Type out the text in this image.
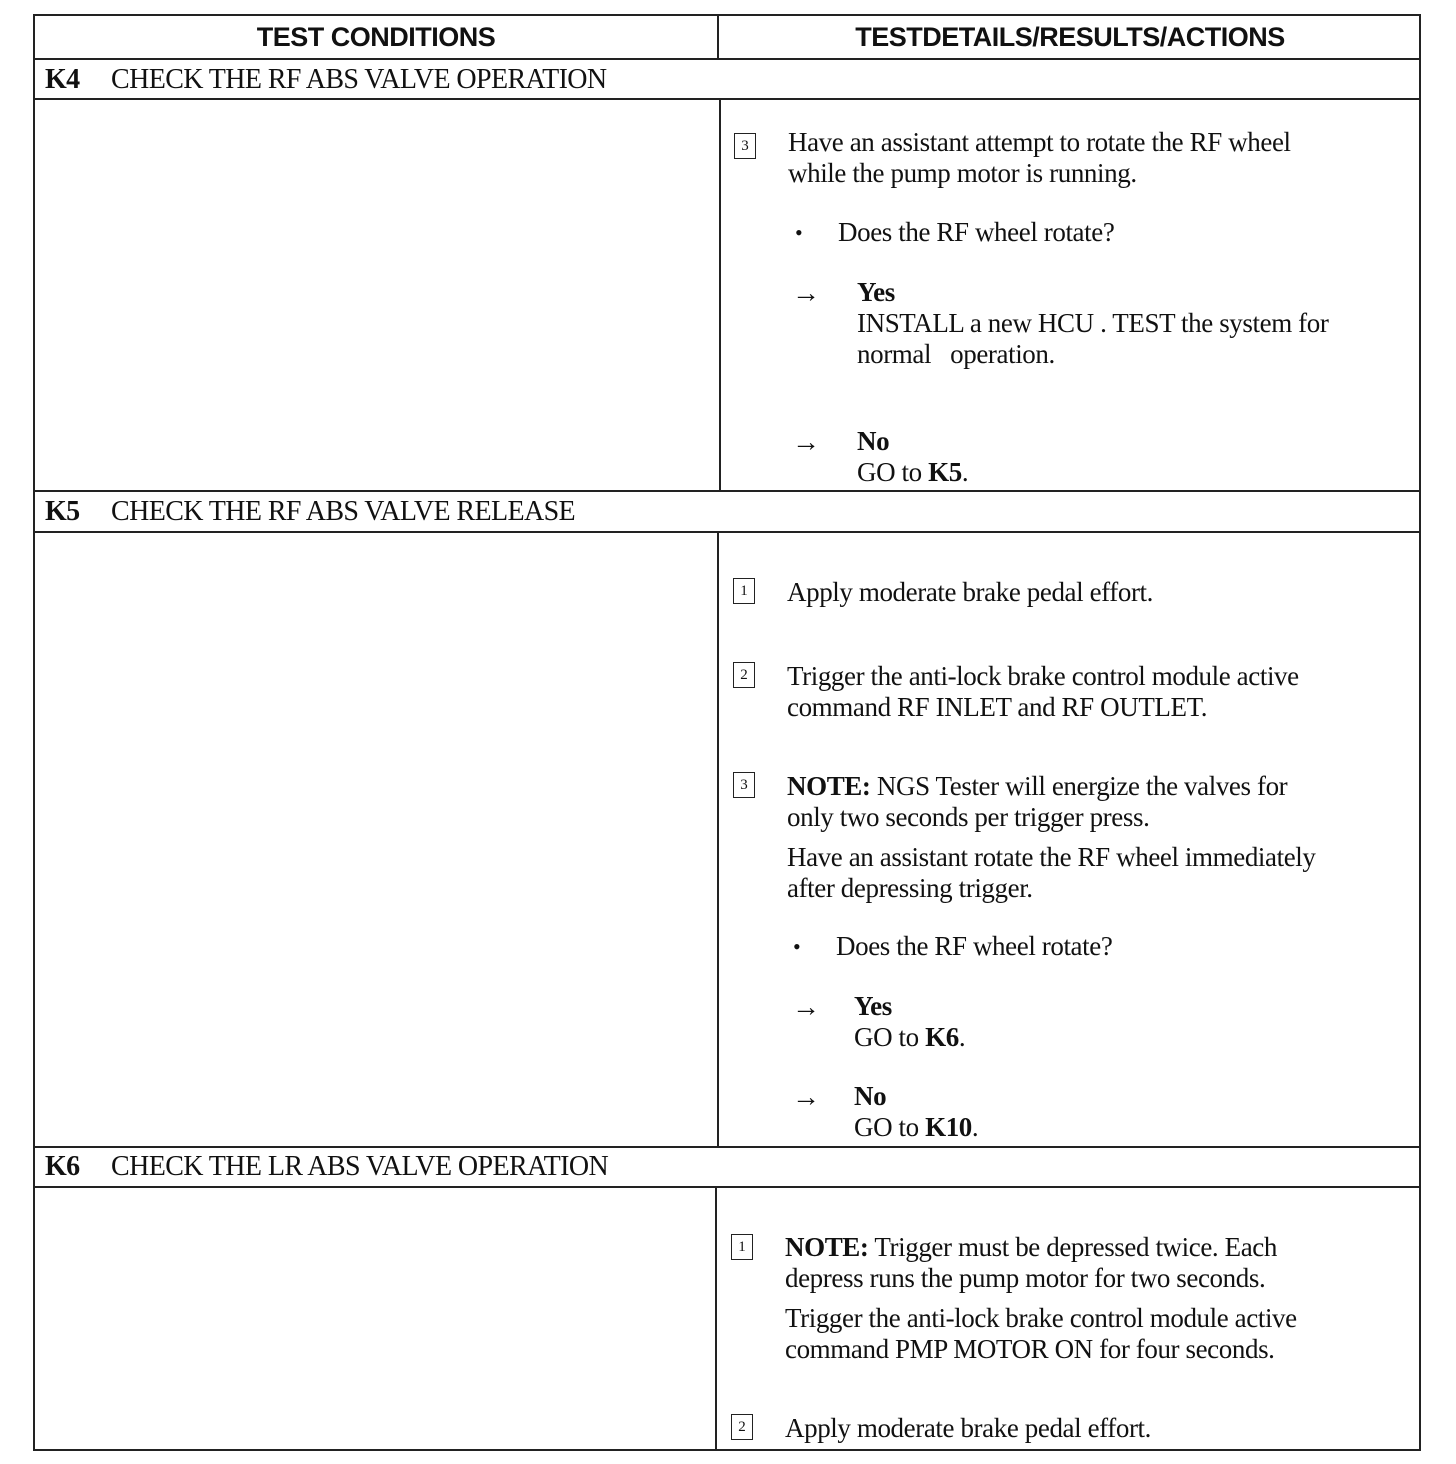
TEST CONDITIONS	TESTDETAILS/RESULTS/ACTIONS
K4 CHECK THE RF ABS VALVE OPERATION
3 Have an assistant attempt to rotate the RF wheel
while the pump motor is running.
• Does the RF wheel rotate?
→ Yes
INSTALL a new HCU . TEST the system for
normal   operation.
→ No
GO to K5.
K5 CHECK THE RF ABS VALVE RELEASE
1 Apply moderate brake pedal effort.
2 Trigger the anti-lock brake control module active
command RF INLET and RF OUTLET.
3 NOTE: NGS Tester will energize the valves for
only two seconds per trigger press.
Have an assistant rotate the RF wheel immediately
after depressing trigger.
• Does the RF wheel rotate?
→ Yes
GO to K6.
→ No
GO to K10.
K6 CHECK THE LR ABS VALVE OPERATION
1 NOTE: Trigger must be depressed twice. Each
depress runs the pump motor for two seconds.
Trigger the anti-lock brake control module active
command PMP MOTOR ON for four seconds.
2 Apply moderate brake pedal effort.
